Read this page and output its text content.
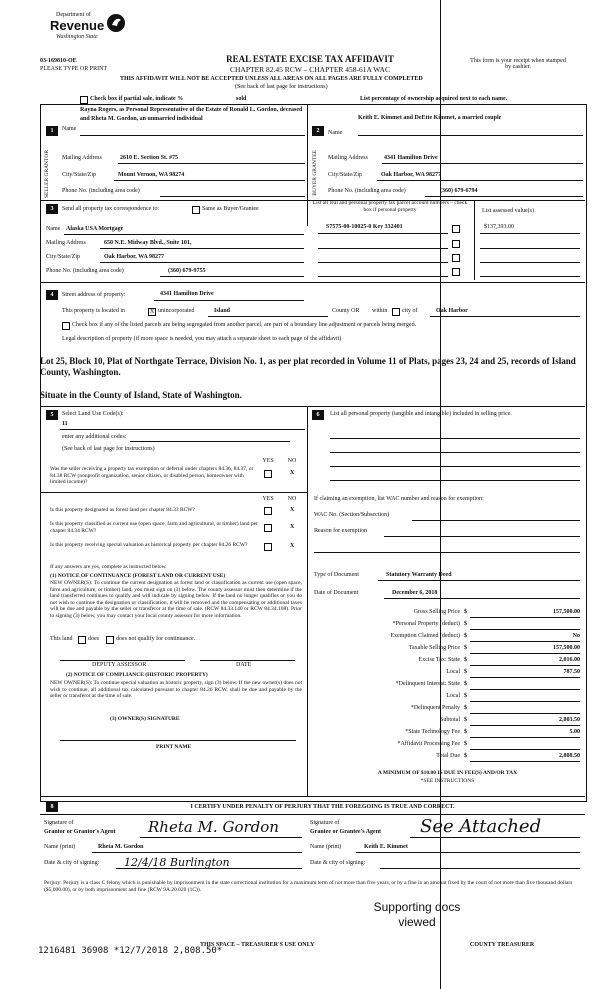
Department of
Revenue
Washington State
03-169810-OE
PLEASE TYPE OR PRINT
REAL ESTATE EXCISE TAX AFFIDAVIT
CHAPTER 82.45 RCW – CHAPTER 458-61A WAC
This form is your receipt when stamped by cashier.
THIS AFFIDAVIT WILL NOT BE ACCEPTED UNLESS ALL AREAS ON ALL PAGES ARE FULLY COMPLETED
(See back of last page for instructions)
Check box if partial sale, indicate %	sold	List percentage of ownership acquired next to each name.
1
SELLER GRANTOR
Name
Rayna Rogers, as Personal Representative of the Estate of Ronald L. Gordon, deceased and Rheta M. Gordon, an unmarried individual
Mailing Address	2610 E. Section St. #75
City/State/Zip	Mount Vernon, WA 98274
Phone No. (including area code)
2
BUYER GRANTEE
Name
Keith E. Kimmet and DeEtte Kimmet, a married couple
Mailing Address	4341 Hamilton Drive
City/State/Zip	Oak Harbor, WA 98277
Phone No. (including area code)	(360) 679-6794
3	Send all property tax correspondence to:	Same as Buyer/Grantee
List all real and personal property tax parcel account numbers – check box if personal property	List assessed value(s)
Name Alaska USA Mortgage
Mailing Address	650 N.E. Midway Blvd., Suite 101,
City/State/Zip	Oak Harbor, WA 98277
Phone No. (including area code)	(360) 679-9755
S7575-00-10025-0 Key 332401	$137,393.00
4	Street address of property:	4341 Hamilton Drive
This property is located in	X unincorporated	Island	County OR within city of	Oak Harbor
Check box if any of the listed parcels are being segregated from another parcel, are part of a boundary line adjustment or parcels being merged.
Legal description of property (if more space is needed, you may attach a separate sheet to each page of the affidavit)
Lot 25, Block 10, Plat of Northgate Terrace, Division No. 1, as per plat recorded in Volume 11 of Plats, pages 23, 24 and 25, records of Island County, Washington.
Situate in the County of Island, State of Washington.
5	Select Land Use Code(s):
11
enter any additional codes:
(See back of last page for instructions)
YES	NO
Was the seller receiving a property tax exemption or deferral under chapters 84.36, 84.37, or 84.38 RCW (nonprofit organization, senior citizen, or disabled person, homeowner with limited income)?
X
YES	NO
Is this property designated as forest land per chapter 84.33 RCW?	X
Is this property classified as current use (open space, farm and agricultural, or timber) land per chapter 84.34 RCW?
X
Is this property receiving special valuation as historical property per chapter 84.26 RCW?	X
If any answers are yes, complete as instructed below.
(1) NOTICE OF CONTINUANCE (FOREST LAND OR CURRENT USE)
NEW OWNER(S): To continue the current designation as forest land or classification as current use (open space, farm and agriculture, or timber) land, you must sign on (3) below. The county assessor must then determine if the land transferred continues to qualify and will indicate by signing below. If the land no longer qualifies or you do not wish to continue the designation or classification, it will be removed and the compensating or additional taxes will be due and payable by the seller or transferor at the time of sale. (RCW 84.33.140 or RCW 84.34.108). Prior to signing (3) below, you may contact your local county assessor for more information.
This land	does	does not qualify for continuance.
DEPUTY ASSESSOR	DATE
(2) NOTICE OF COMPLIANCE (HISTORIC PROPERTY)
NEW OWNER(S): To continue special valuation as historic property, sign (3) below. If the new owner(s) does not wish to continue, all additional tax calculated pursuant to chapter 84.26 RCW, shall be due and payable by the seller or transferor at the time of sale.
(3) OWNER(S) SIGNATURE
PRINT NAME
6	List all personal property (tangible and intangible) included in selling price.
If claiming an exemption, list WAC number and reason for exemption:
WAC No. (Section/Subsection)
Reason for exemption
Type of Document	Statutory Warranty Deed
Date of Document	December 6, 2018
Gross Selling Price $	157,500.00
*Personal Property (deduct) $
Exemption Claimed (deduct) $	No
Taxable Selling Price $	157,500.00
Excise Tax: State $	2,016.00
Local $	787.50
*Delinquent Interest: State $
Local $
*Delinquent Penalty $
Subtotal $	2,803.50
*State Technology Fee $	5.00
*Affidavit Processing Fee $
Total Due $	2,808.50
A MINIMUM OF $10.00 IS DUE IN FEE(S) AND/OR TAX
*SEE INSTRUCTIONS
8	I CERTIFY UNDER PENALTY OF PERJURY THAT THE FOREGOING IS TRUE AND CORRECT.
Signature of
Grantor or Grantor's Agent Rheta M. Gordon	Signature of
Grantee or Grantee's Agent See Attached
Name (print)	Rheta M. Gordon	Name (print)	Keith E. Kimmet
Date & city of signing: 12/4/18 Burlington	Date & city of signing:
Perjury: Perjury is a class C felony which is punishable by imprisonment in the state correctional institution for a maximum term of not more than five years, or by a fine in an amount fixed by the court of not more than five thousand dollars ($5,000.00), or by both imprisonment and fine (RCW 9A.20.020 (1C)).
Supporting docs viewed
1216481 36908 *12/7/2018 2,808.50*
THIS SPACE – TREASURER'S USE ONLY	COUNTY TREASURER
